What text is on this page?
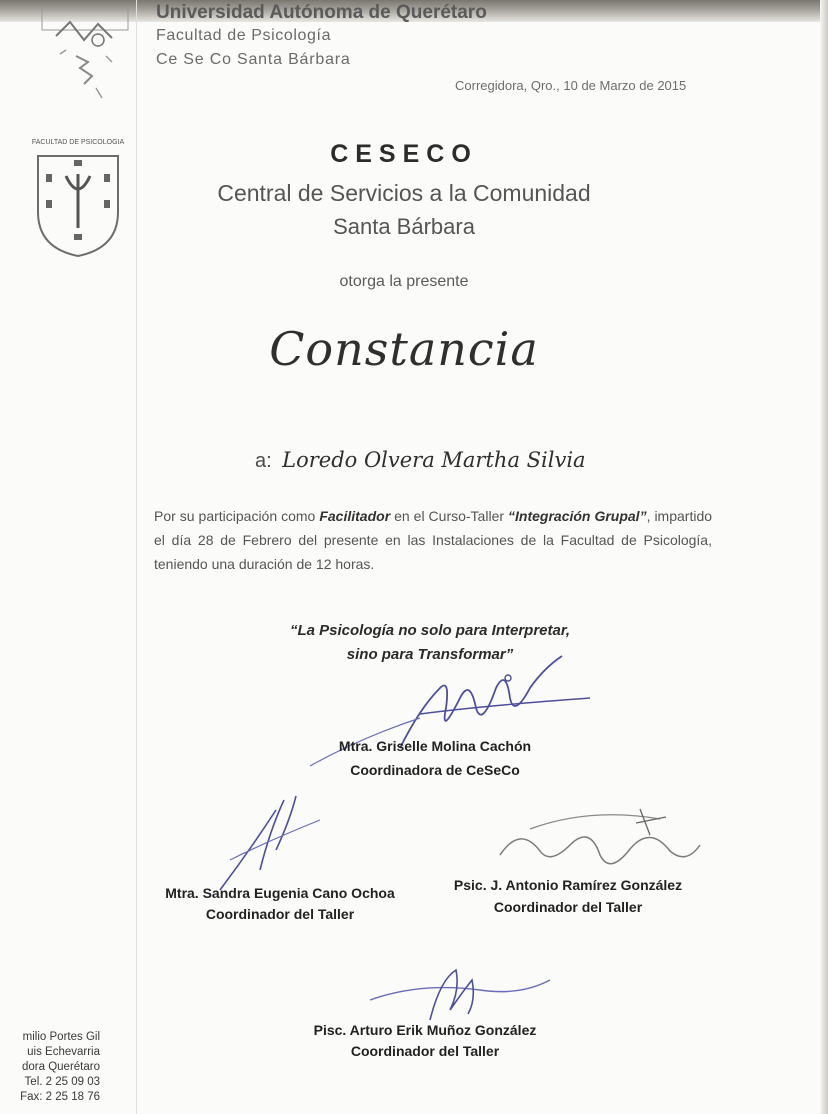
FACULTAD DE PSICOLOGIA
Universidad Autónoma de Querétaro
Facultad de Psicología
Ce Se Co Santa Bárbara
Corregidora, Qro., 10 de Marzo de 2015
CESECO
Central de Servicios a la Comunidad
Santa Bárbara
otorga la presente
Constancia
a: Loredo Olvera Martha Silvia
Por su participación como Facilitador en el Curso-Taller “Integración Grupal”, impartido el día 28 de Febrero del presente en las Instalaciones de la Facultad de Psicología, teniendo una duración de 12 horas.
“La Psicología no solo para Interpretar,
sino para Transformar”
Mtra. Griselle Molina Cachón
Coordinadora de CeSeCo
Mtra. Sandra Eugenia Cano Ochoa
Coordinador del Taller
Psic. J. Antonio Ramírez González
Coordinador del Taller
Pisc. Arturo Erik Muñoz González
Coordinador del Taller
milio Portes Gil
uis Echevarria
dora Querétaro
Tel. 2 25 09 03
Fax: 2 25 18 76
